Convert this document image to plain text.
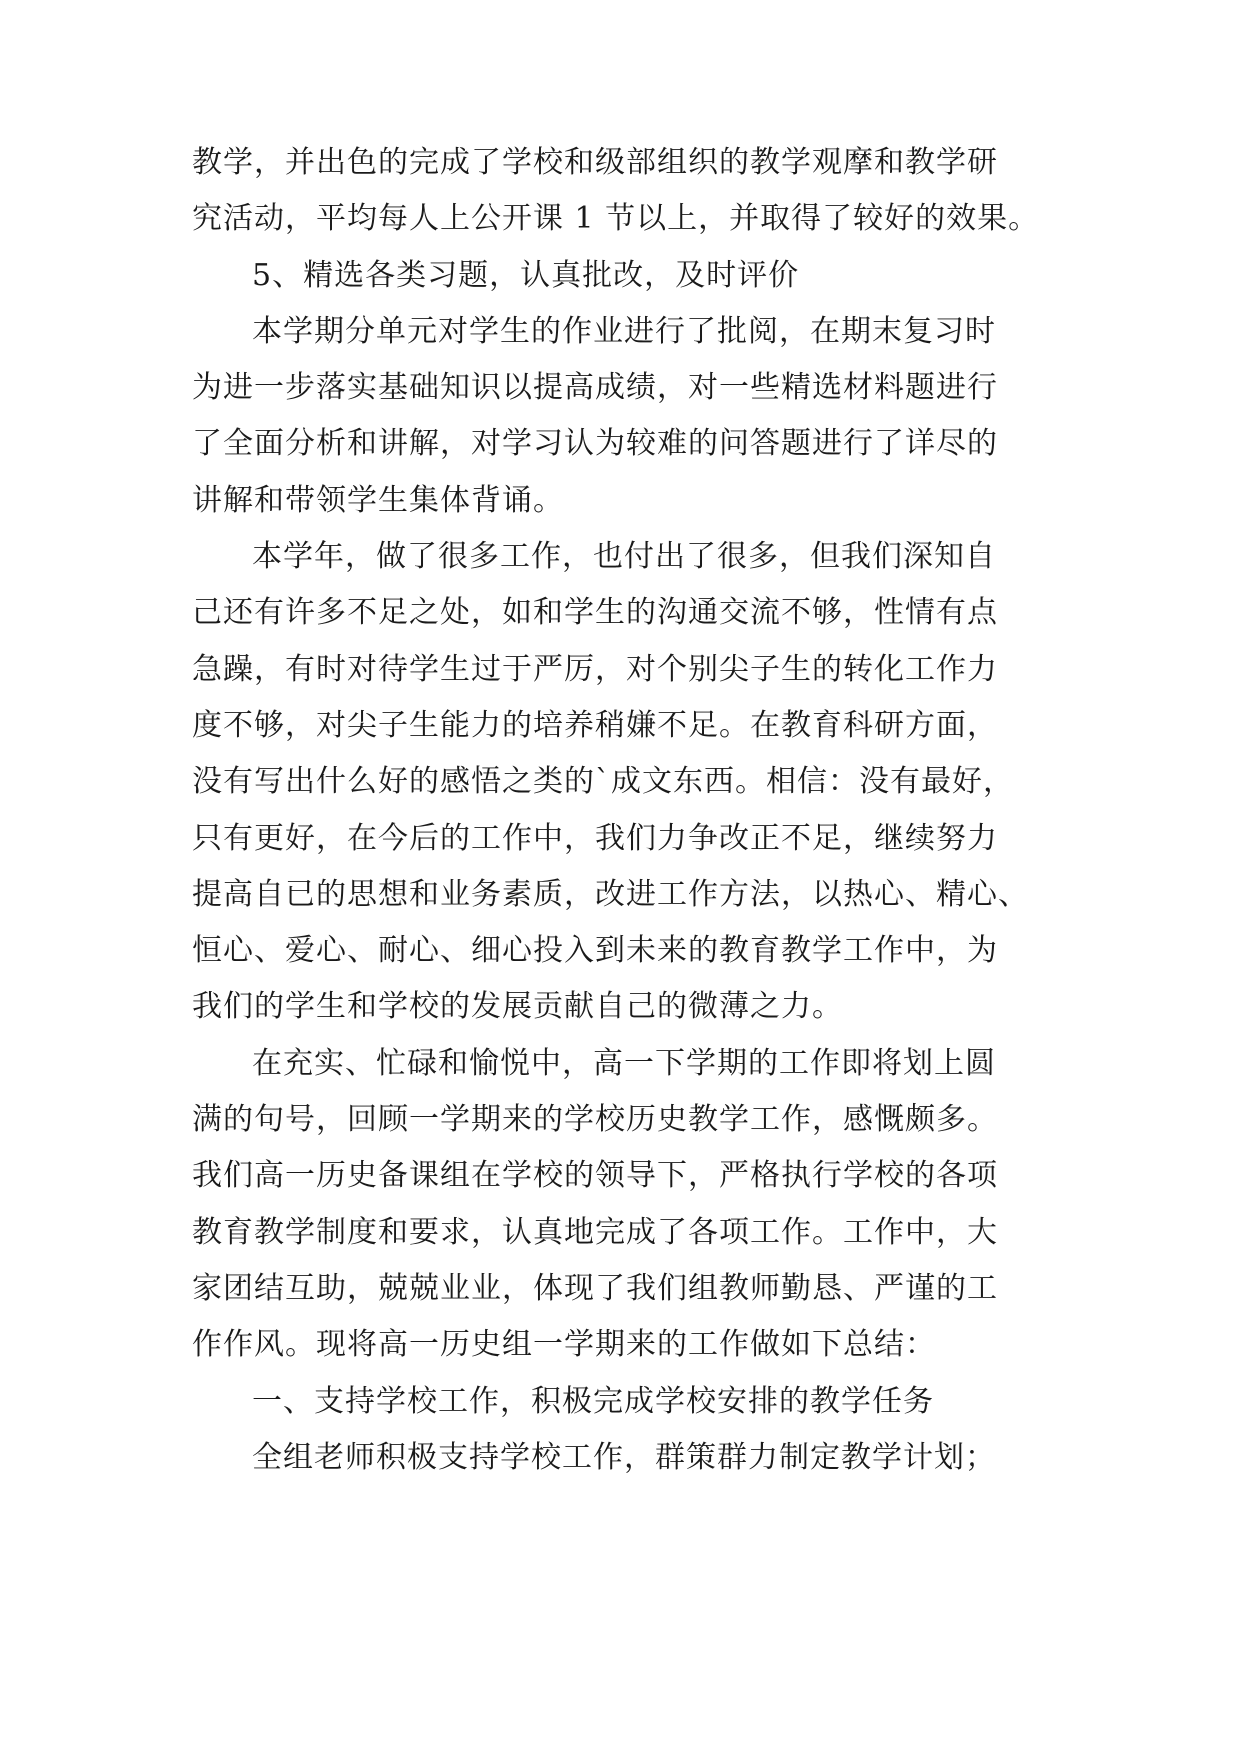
教学，并出色的完成了学校和级部组织的教学观摩和教学研
究活动，平均每人上公开课 1 节以上，并取得了较好的效果。
5、精选各类习题，认真批改，及时评价
本学期分单元对学生的作业进行了批阅，在期末复习时
为进一步落实基础知识以提高成绩，对一些精选材料题进行
了全面分析和讲解，对学习认为较难的问答题进行了详尽的
讲解和带领学生集体背诵。
本学年，做了很多工作，也付出了很多，但我们深知自
己还有许多不足之处，如和学生的沟通交流不够，性情有点
急躁，有时对待学生过于严厉，对个别尖子生的转化工作力
度不够，对尖子生能力的培养稍嫌不足。在教育科研方面，
没有写出什么好的感悟之类的`成文东西。相信：没有最好，
只有更好，在今后的工作中，我们力争改正不足，继续努力
提高自已的思想和业务素质，改进工作方法，以热心、精心、
恒心、爱心、耐心、细心投入到未来的教育教学工作中，为
我们的学生和学校的发展贡献自己的微薄之力。
在充实、忙碌和愉悦中，高一下学期的工作即将划上圆
满的句号，回顾一学期来的学校历史教学工作，感慨颇多。
我们高一历史备课组在学校的领导下，严格执行学校的各项
教育教学制度和要求，认真地完成了各项工作。工作中，大
家团结互助，兢兢业业，体现了我们组教师勤恳、严谨的工
作作风。现将高一历史组一学期来的工作做如下总结：
一、支持学校工作，积极完成学校安排的教学任务
全组老师积极支持学校工作，群策群力制定教学计划；
